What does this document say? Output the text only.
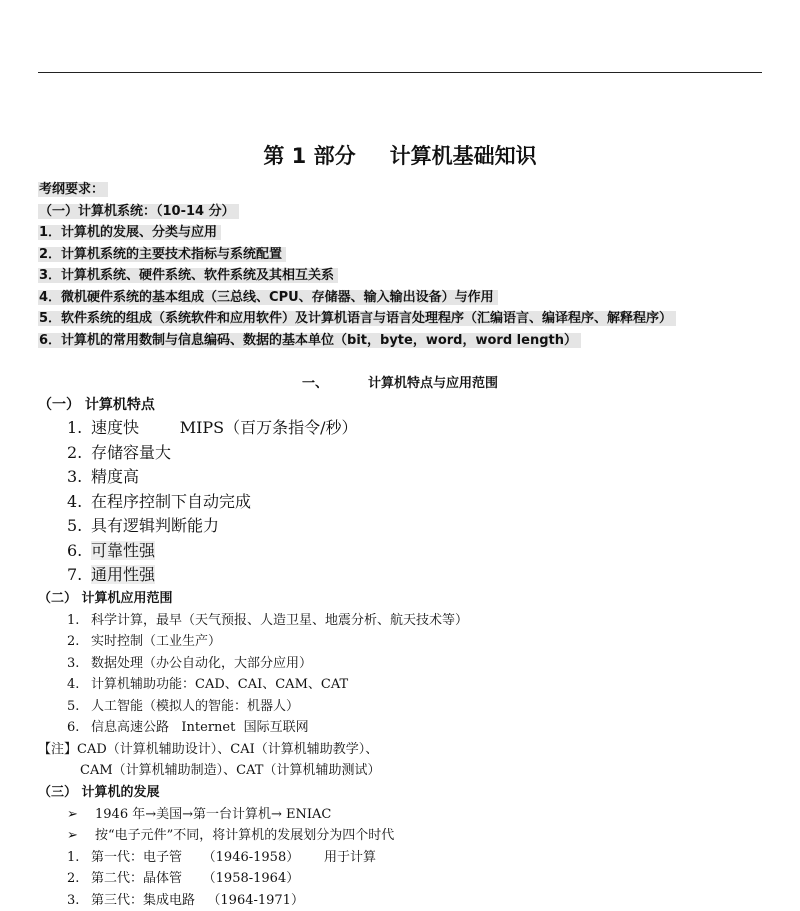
第 1 部分 计算机基础知识
考纲要求：
（一）计算机系统：（10-14 分）
1．计算机的发展、分类与应用
2．计算机系统的主要技术指标与系统配置
3．计算机系统、硬件系统、软件系统及其相互关系
4．微机硬件系统的基本组成（三总线、CPU、存储器、输入输出设备）与作用
5．软件系统的组成（系统软件和应用软件）及计算机语言与语言处理程序（汇编语言、编译程序、解释程序）
6．计算机的常用数制与信息编码、数据的基本单位（bit，byte，word，word length）
一、	计算机特点与应用范围
（一） 计算机特点
1. 速度快        MIPS（百万条指令/秒）
2. 存储容量大
3. 精度高
4. 在程序控制下自动完成
5. 具有逻辑判断能力
6. 可靠性强
7. 通用性强
（二） 计算机应用范围
1. 科学计算，最早（天气预报、人造卫星、地震分析、航天技术等）
2. 实时控制（工业生产）
3. 数据处理（办公自动化，大部分应用）
4. 计算机辅助功能：CAD、CAI、CAM、CAT
5. 人工智能（模拟人的智能：机器人）
6. 信息高速公路   Internet  国际互联网
【注】CAD（计算机辅助设计）、CAI（计算机辅助教学）、
CAM（计算机辅助制造）、CAT（计算机辅助测试）
（三） 计算机的发展
➢ 1946 年→美国→第一台计算机→ ENIAC
➢ 按“电子元件”不同，将计算机的发展划分为四个时代
1. 第一代：电子管     （1946-1958）      用于计算
2. 第二代：晶体管     （1958-1964）
3. 第三代：集成电路   （1964-1971）
